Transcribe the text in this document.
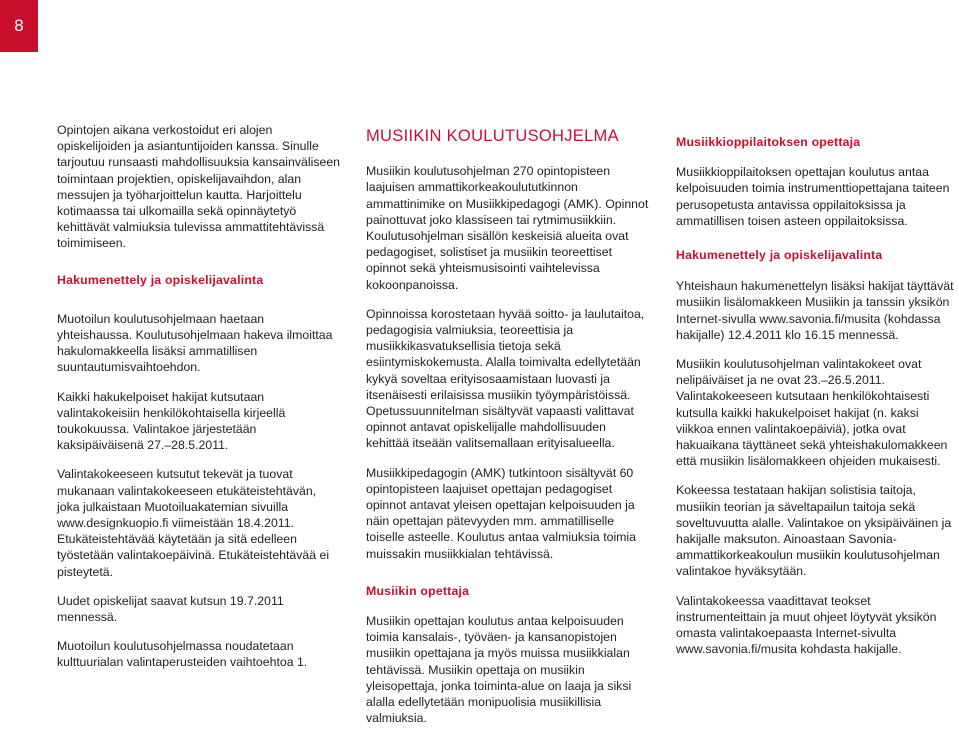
8

Opintojen aikana verkostoidut eri alojen opiskelijoiden ja asiantuntijoiden kanssa. Sinulle tarjoutuu runsaasti mahdollisuuksia kansainväliseen toimintaan projektien, opiskelijavaihdon, alan messujen ja työharjoittelun kautta. Harjoittelu kotimaassa tai ulkomailla sekä opinnäytetyö kehittävät valmiuksia tulevissa ammattitehtävissä toimimiseen.

Hakumenettely ja opiskelijavalinta

Muotoilun koulutusohjelmaan haetaan yhteishaussa. Koulutusohjelmaan hakeva ilmoittaa hakulomakkeella lisäksi ammatillisen suuntautumisvaihtoehdon.

Kaikki hakukelpoiset hakijat kutsutaan valintakokeisiin henkilökohtaisella kirjeellä toukokuussa. Valintakoe järjestetään kaksipäiväisenä 27.–28.5.2011.

Valintakokeeseen kutsutut tekevät ja tuovat mukanaan valintakokeeseen etukäteistehtävän, joka julkaistaan Muotoiluakatemian sivuilla www.designkuopio.fi viimeistään 18.4.2011. Etukäteistehtävää käytetään ja sitä edelleen työstetään valintakoepäivinä. Etukäteistehtävää ei pisteytetä.

Uudet opiskelijat saavat kutsun 19.7.2011 mennessä.

Muotoilun koulutusohjelmassa noudatetaan kulttuurialan valintaperusteiden vaihtoehtoa 1.

MUSIIKIN KOULUTUSOHJELMA

Musiikin koulutusohjelman 270 opintopisteen laajuisen ammattikorkeakoulututkinnon ammattinimike on Musiikkipedagogi (AMK). Opinnot painottuvat joko klassiseen tai rytmimusiikkiin. Koulutusohjelman sisällön keskeisiä alueita ovat pedagogiset, solistiset ja musiikin teoreettiset opinnot sekä yhteismusisointi vaihtelevissa kokoonpanoissa.

Opinnoissa korostetaan hyvää soitto- ja laulutaitoa, pedagogisia valmiuksia, teoreettisia ja musiikkikasvatuksellisia tietoja sekä esiintymiskokemusta. Alalla toimivalta edellytetään kykyä soveltaa erityisosaamistaan luovasti ja itsenäisesti erilaisissa musiikin työympäristöissä. Opetussuunnitelman sisältyvät vapaasti valittavat opinnot antavat opiskelijalle mahdollisuuden kehittää itseään valitsemallaan erityisalueella.

Musiikkipedagogin (AMK) tutkintoon sisältyvät 60 opintopisteen laajuiset opettajan pedagogiset opinnot antavat yleisen opettajan kelpoisuuden ja näin opettajan pätevyyden mm. ammatilliselle toiselle asteelle. Koulutus antaa valmiuksia toimia muissakin musiikkialan tehtävissä.

Musiikin opettaja

Musiikin opettajan koulutus antaa kelpoisuuden toimia kansalais-, työväen- ja kansanopistojen musiikin opettajana ja myös muissa musiikkialan tehtävissä. Musiikin opettaja on musiikin yleisopettaja, jonka toiminta-alue on laaja ja siksi alalla edellytetään monipuolisia musiikillisia valmiuksia.

Musiikkioppilaitoksen opettaja

Musiikkioppilaitoksen opettajan koulutus antaa kelpoisuuden toimia instrumenttiopettajana taiteen perusopetusta antavissa oppilaitoksissa ja ammatillisen toisen asteen oppilaitoksissa.

Hakumenettely ja opiskelijavalinta

Yhteishaun hakumenettelyn lisäksi hakijat täyttävät musiikin lisälomakkeen Musiikin ja tanssin yksikön Internet-sivulla www.savonia.fi/musita (kohdassa hakijalle) 12.4.2011 klo 16.15 mennessä.

Musiikin koulutusohjelman valintakokeet ovat nelipäiväiset ja ne ovat 23.–26.5.2011. Valintakokeeseen kutsutaan henkilökohtaisesti kutsulla kaikki hakukelpoiset hakijat (n. kaksi viikkoa ennen valintakoepäiviä), jotka ovat hakuaikana täyttäneet sekä yhteishakulomakkeen että musiikin lisälomakkeen ohjeiden mukaisesti.

Kokeessa testataan hakijan solistisia taitoja, musiikin teorian ja säveltapailun taitoja sekä soveltuvuutta alalle. Valintakoe on yksipäiväinen ja hakijalle maksuton. Ainoastaan Savonia-ammattikorkeakoulun musiikin koulutusohjelman valintakoe hyväksytään.

Valintakokeessa vaadittavat teokset instrumenteittain ja muut ohjeet löytyvät yksikön omasta valintakoepaasta Internet-sivulta www.savonia.fi/musita kohdasta hakijalle.
